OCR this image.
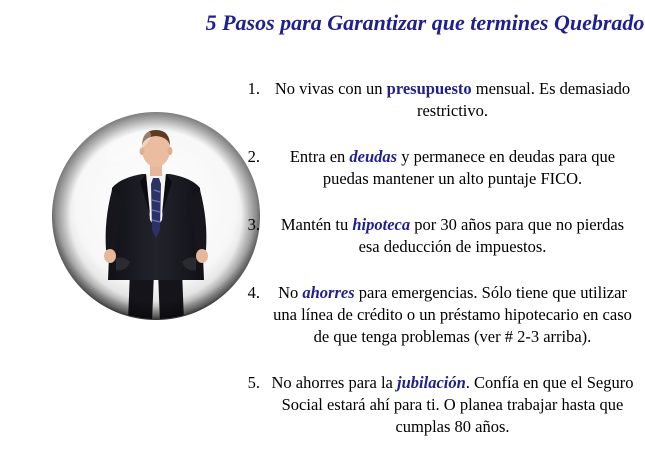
5 Pasos para Garantizar que termines Quebrado
1. No vivas con un presupuesto mensual. Es demasiado restrictivo.
2.	Entra en deudas y permanece en deudas para que puedas mantener un alto puntaje FICO.
3.	Mantén tu hipoteca por 30 años para que no pierdas esa deducción de impuestos.
4.	No ahorres para emergencias. Sólo tiene que utilizar una línea de crédito o un préstamo hipotecario en caso de que tenga problemas (ver # 2-3 arriba).
5. No ahorres para la jubilación. Confía en que el Seguro Social estará ahí para ti. O planea trabajar hasta que cumplas 80 años.
